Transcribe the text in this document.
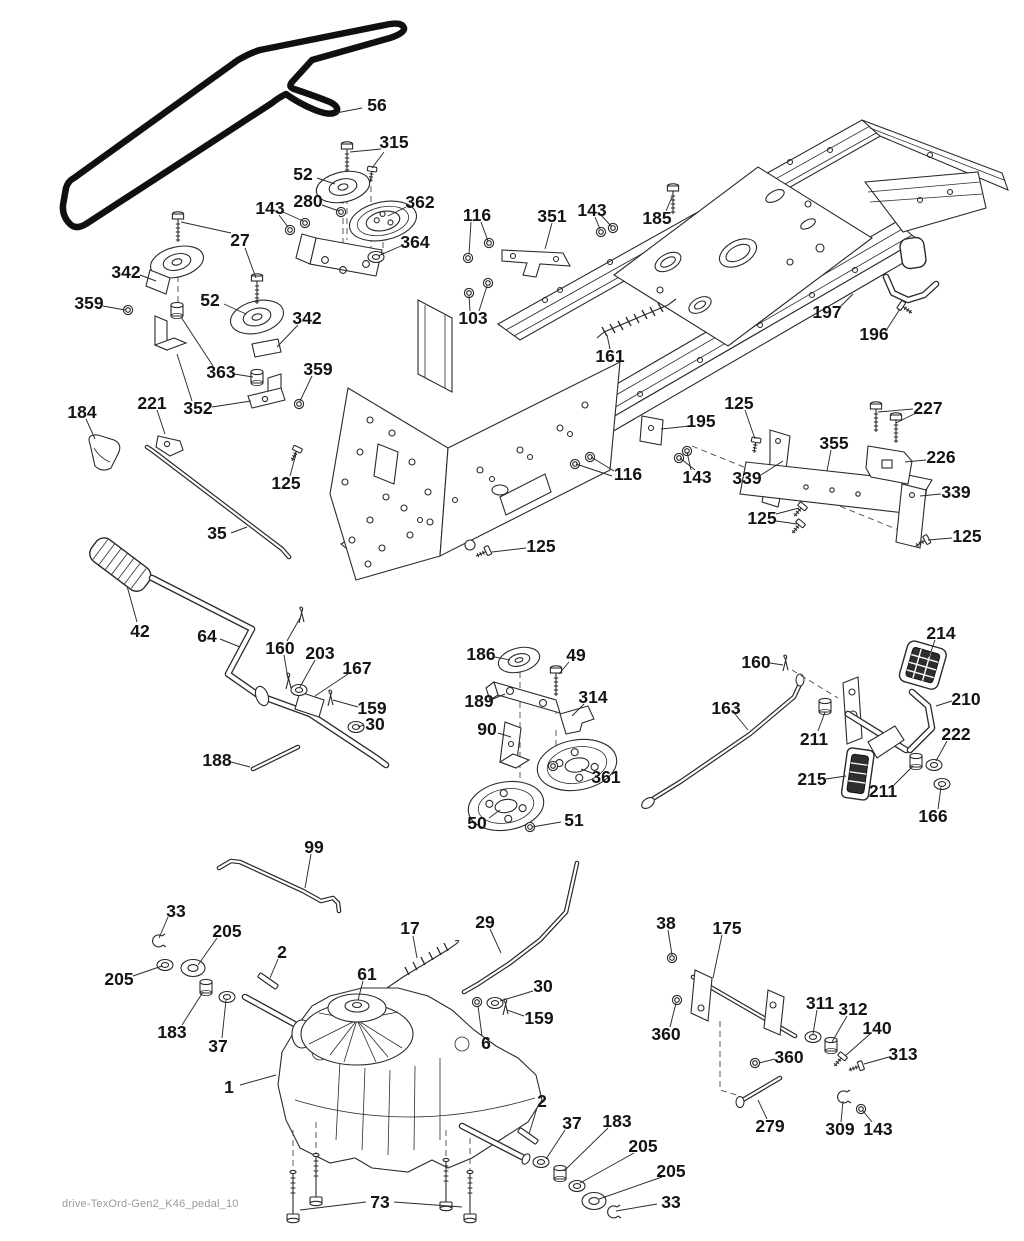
56
315
52
280	362
143
364
27
116	351 143 185
197
196
103
161
342
359	52
342
363	359
352
184 221
125
35
125
125
195
116 143
227
355
226
339
339
125
125
42	64
160 203
167
159
30
188
186	49
189	314
90
361
50	51
214
160
163	210
211	222
215
211
166
99
33
205
205
2
61
183
37
1
17	29
30
159
6
38 175
360
311 312
140
313
360
279 309 143
2
37 183
205
205
33
73
drive-TexOrd-Gen2_K46_pedal_10
